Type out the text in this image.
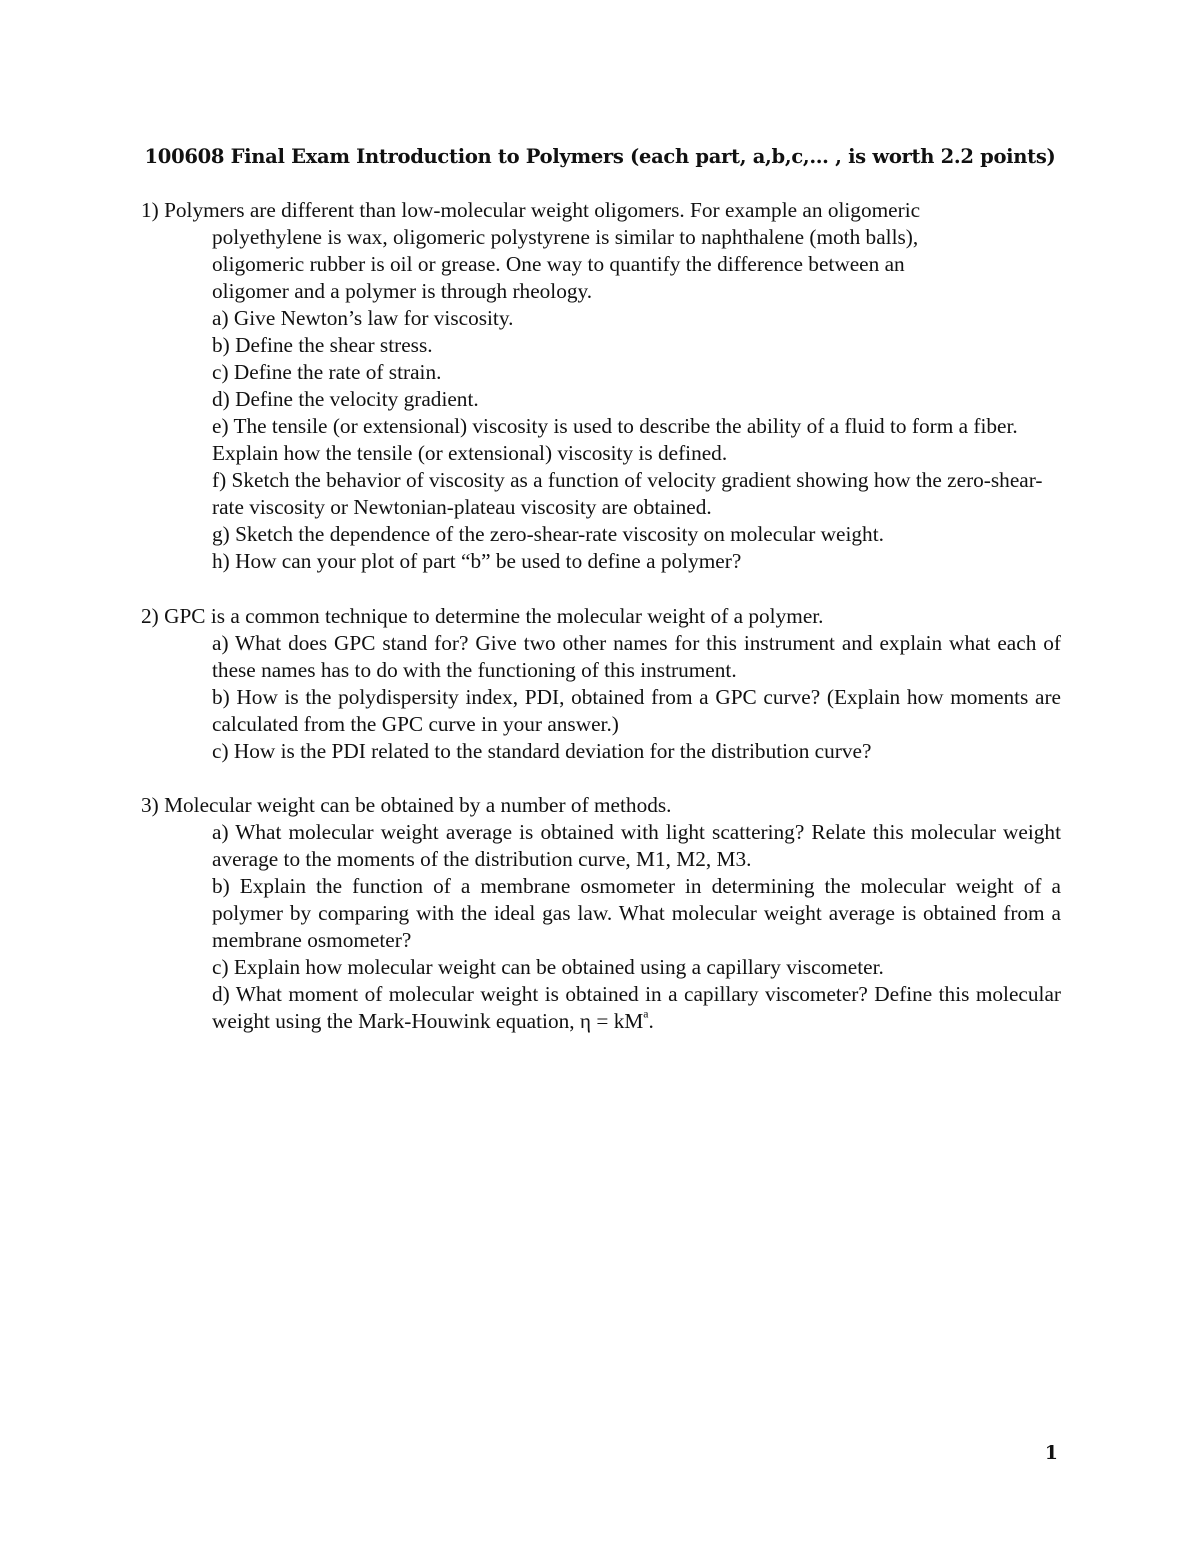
100608 Final Exam Introduction to Polymers (each part, a,b,c,… , is worth 2.2 points)

1) Polymers are different than low-molecular weight oligomers. For example an oligomeric

polyethylene is wax, oligomeric polystyrene is similar to naphthalene (moth balls),

oligomeric rubber is oil or grease. One way to quantify the difference between an

oligomer and a polymer is through rheology.

a) Give Newton’s law for viscosity.

b) Define the shear stress.

c) Define the rate of strain.

d) Define the velocity gradient.

e) The tensile (or extensional) viscosity is used to describe the ability of a fluid to form a fiber. Explain how the tensile (or extensional) viscosity is defined.

f) Sketch the behavior of viscosity as a function of velocity gradient showing how the zero-shear-rate viscosity or Newtonian-plateau viscosity are obtained.

g) Sketch the dependence of the zero-shear-rate viscosity on molecular weight.

h) How can your plot of part “b” be used to define a polymer?

2) GPC is a common technique to determine the molecular weight of a polymer.

a) What does GPC stand for? Give two other names for this instrument and explain what each of these names has to do with the functioning of this instrument.

b) How is the polydispersity index, PDI, obtained from a GPC curve? (Explain how moments are calculated from the GPC curve in your answer.)

c) How is the PDI related to the standard deviation for the distribution curve?

3) Molecular weight can be obtained by a number of methods.

a) What molecular weight average is obtained with light scattering? Relate this molecular weight average to the moments of the distribution curve, M1, M2, M3.

b) Explain the function of a membrane osmometer in determining the molecular weight of a polymer by comparing with the ideal gas law. What molecular weight average is obtained from a membrane osmometer?

c) Explain how molecular weight can be obtained using a capillary viscometer.

d) What moment of molecular weight is obtained in a capillary viscometer? Define this molecular weight using the Mark-Houwink equation, $\eta = kM^a$.

1
